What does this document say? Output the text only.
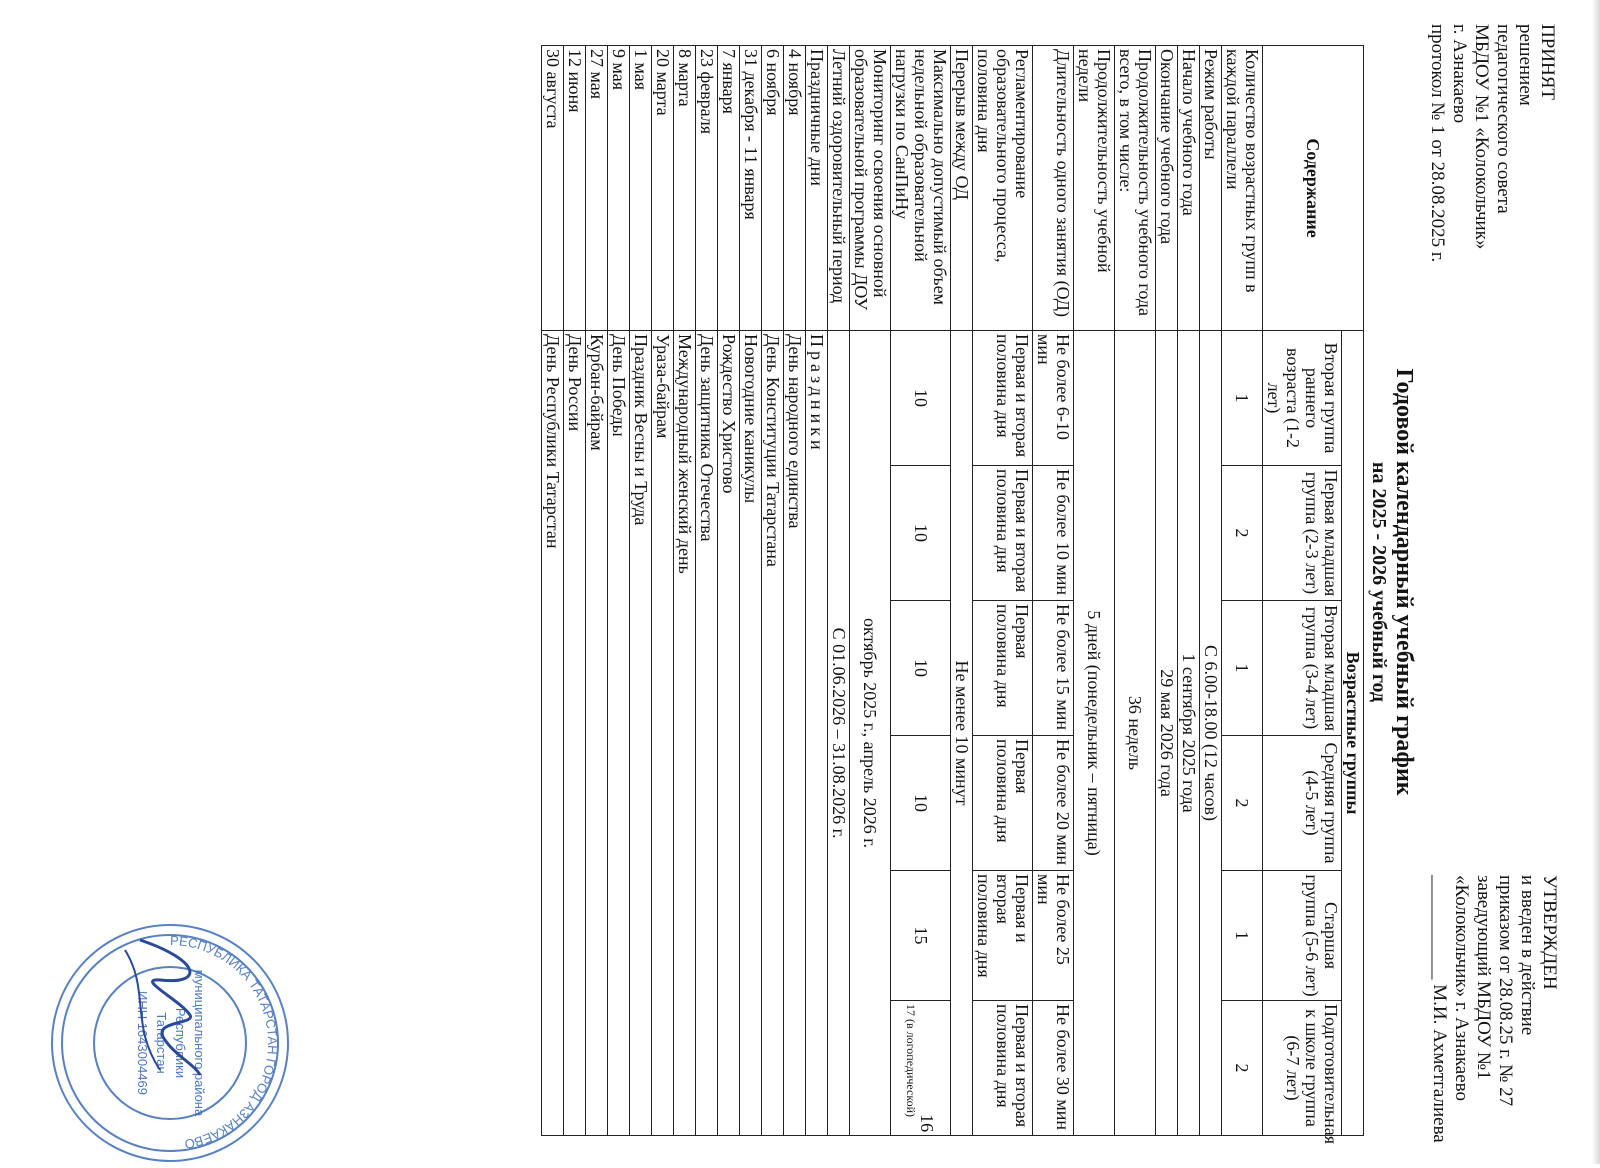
ПРИНЯТ
решением
педагогического совета
МБДОУ №1 «Колокольчик»
г. Азнакаево
протокол № 1 от 28.08.2025 г.
УТВЕРЖДЕН
и введен в действие
приказом от 28.08.25 г. № 27
заведующий МБДОУ №1
«Колокольчик» г. Азнакаево
___________ М.И. Ахметгалиева
Годовой календарный учебный график
на 2025 - 2026 учебный год
Содержание	Возрастные группы					
	Вторая группа раннего возраста (1-2 лет)	Первая младшая группа (2-3 лет)	Вторая младшая группа (3-4 лет)	Средняя группа (4-5 лет)	Старшая группа (5-6 лет)	Подготовительная к школе группа (6-7 лет)
Количество возрастных групп в каждой параллели	1	2	1	2	1	2
Режим работы	С 6.00-18.00 (12 часов)					
Начало учебного года	1 сентября 2025 года					
Окончание учебного года	29 мая 2026 года					
Продолжительность учебного года всего, в том числе:	36 недель					
Продолжительность учебной недели	5 дней (понедельник – пятница)					
Длительность одного занятия (ОД)	Не более 6-10 мин	Не более 10 мин	Не более 15 мин	Не более 20 мин	Не более 25 мин	Не более 30 мин
Регламентирование образовательного процесса, половина дня	Первая и вторая половина дня	Первая и вторая половина дня	Первая половина дня	Первая половина дня	Первая и вторая половина дня	Первая и вторая половина дня
Перерыв между ОД	Не менее 10 минут					
Максимально допустимый объем недельной образовательной нагрузки по СанПиНу	10	10	10	10	15	16
17 (в логопедической)

Мониторинг освоения основной образовательной программы ДОУ	октябрь 2025 г., апрель 2026 г.					
Летний оздоровительный период	С 01.06.2026 – 31.08.2026 г.					
Праздничные дни	Праздники					
4 ноября	День народного единства					
6 ноября	День Конституции Татарстана					
31 декабря - 11 января	Новогодние каникулы					
7 января	Рождество Христово					
23 февраля	День защитника Отечества					
8 марта	Международный женский день					
20 марта	Ураза-байрам					
1 мая	Праздник Весны и Труда					
9 мая	День Победы					
27 мая	Курбан-байрам					
12 июня	День России					
30 августа	День Республики Татарстан					
РЕСПУБЛИКА ТАТАРСТАН ГОРОД АЗНАКАЕВО
муниципального района
Республики
Татарстан
ИНН 1643004469
